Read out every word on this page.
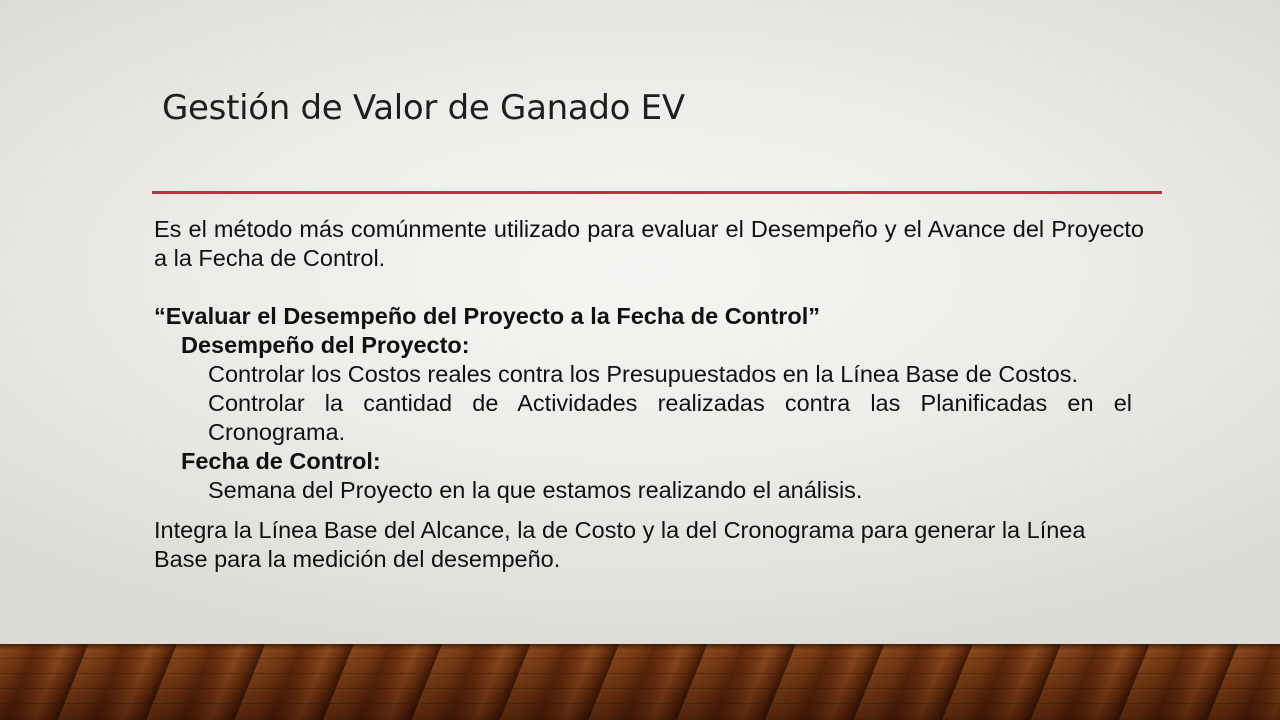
Gestión de Valor de Ganado EV

Es el método más comúnmente utilizado para evaluar el Desempeño y el Avance del Proyecto a la Fecha de Control.

“Evaluar el Desempeño del Proyecto a la Fecha de Control”

Desempeño del Proyecto:

Controlar los Costos reales contra los Presupuestados en la Línea Base de Costos.

Controlar la cantidad de Actividades realizadas contra las Planificadas en el Cronograma.

Fecha de Control:

Semana del Proyecto en la que estamos realizando el análisis.

Integra la Línea Base del Alcance, la de Costo y la del Cronograma para generar la Línea Base para la medición del desempeño.
